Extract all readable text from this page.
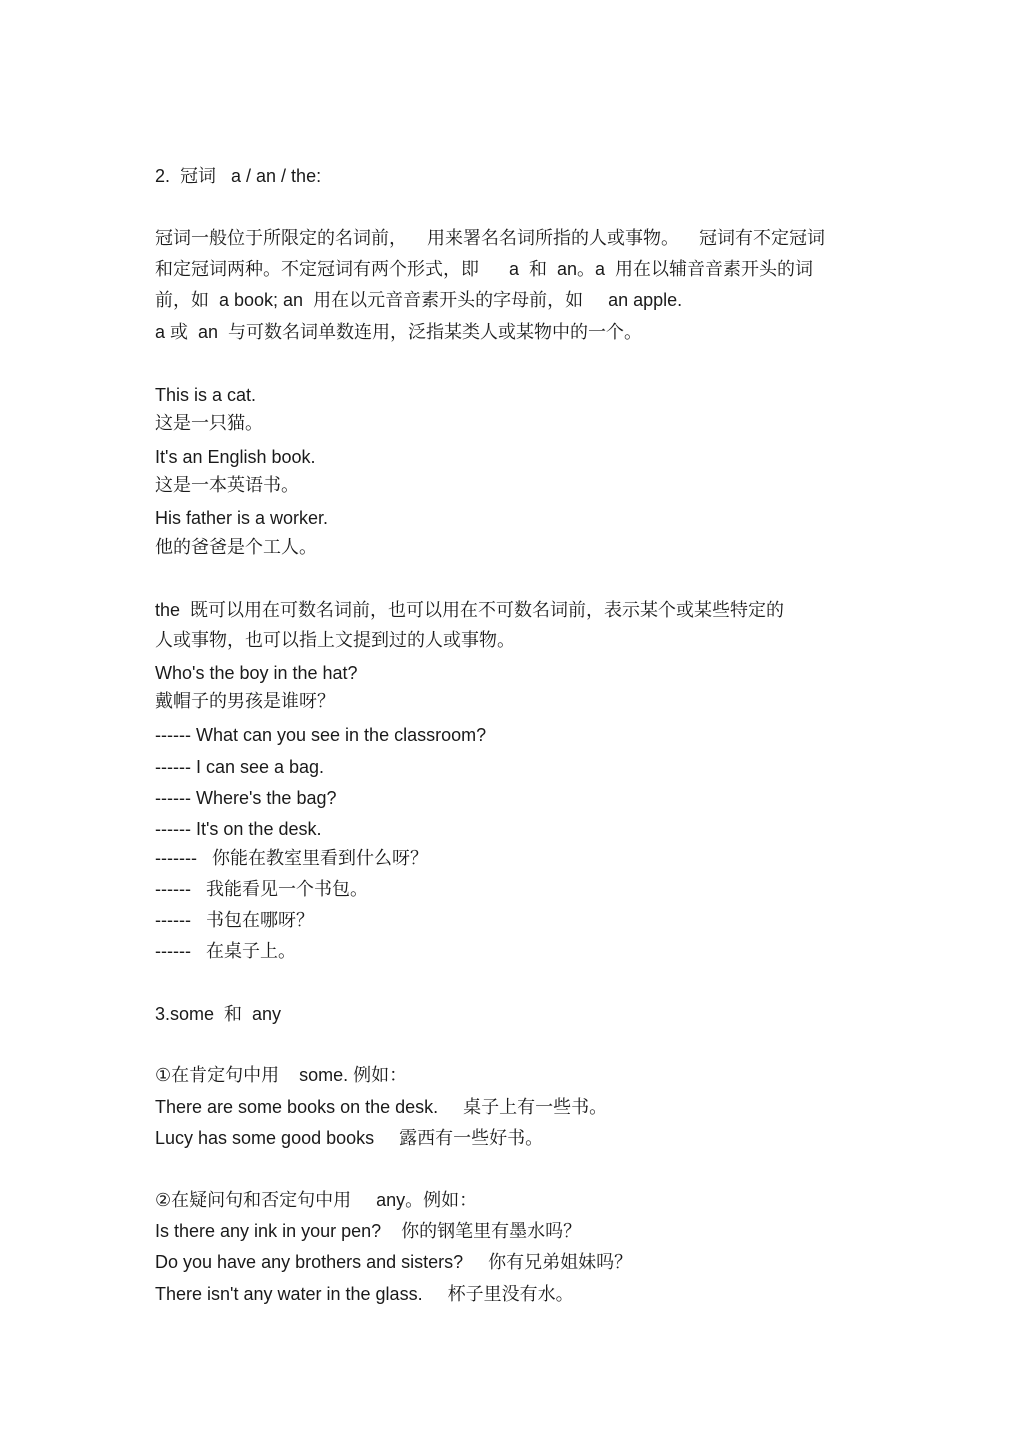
2.  冠词   a / an / the:
冠词一般位于所限定的名词前，    用来署名名词所指的人或事物。    冠词有不定冠词
和定冠词两种。不定冠词有两个形式，即      a  和  an。a  用在以辅音音素开头的词
前，如  a book; an  用在以元音音素开头的字母前，如     an apple.
a 或  an  与可数名词单数连用，泛指某类人或某物中的一个。
This is a cat.
这是一只猫。
It's an English book.
这是一本英语书。
His father is a worker.
他的爸爸是个工人。
the  既可以用在可数名词前，也可以用在不可数名词前，表示某个或某些特定的
人或事物，也可以指上文提到过的人或事物。
Who's the boy in the hat?
戴帽子的男孩是谁呀？
------ What can you see in the classroom?
------ I can see a bag.
------ Where's the bag?
------ It's on the desk.
-------   你能在教室里看到什么呀？
------   我能看见一个书包。
------   书包在哪呀？
------   在桌子上。
3.some  和  any
①在肯定句中用    some. 例如：
There are some books on the desk.     桌子上有一些书。
Lucy has some good books     露西有一些好书。
②在疑问句和否定句中用     any。例如：
Is there any ink in your pen?    你的钢笔里有墨水吗？
Do you have any brothers and sisters?     你有兄弟姐妹吗？
There isn't any water in the glass.     杯子里没有水。
